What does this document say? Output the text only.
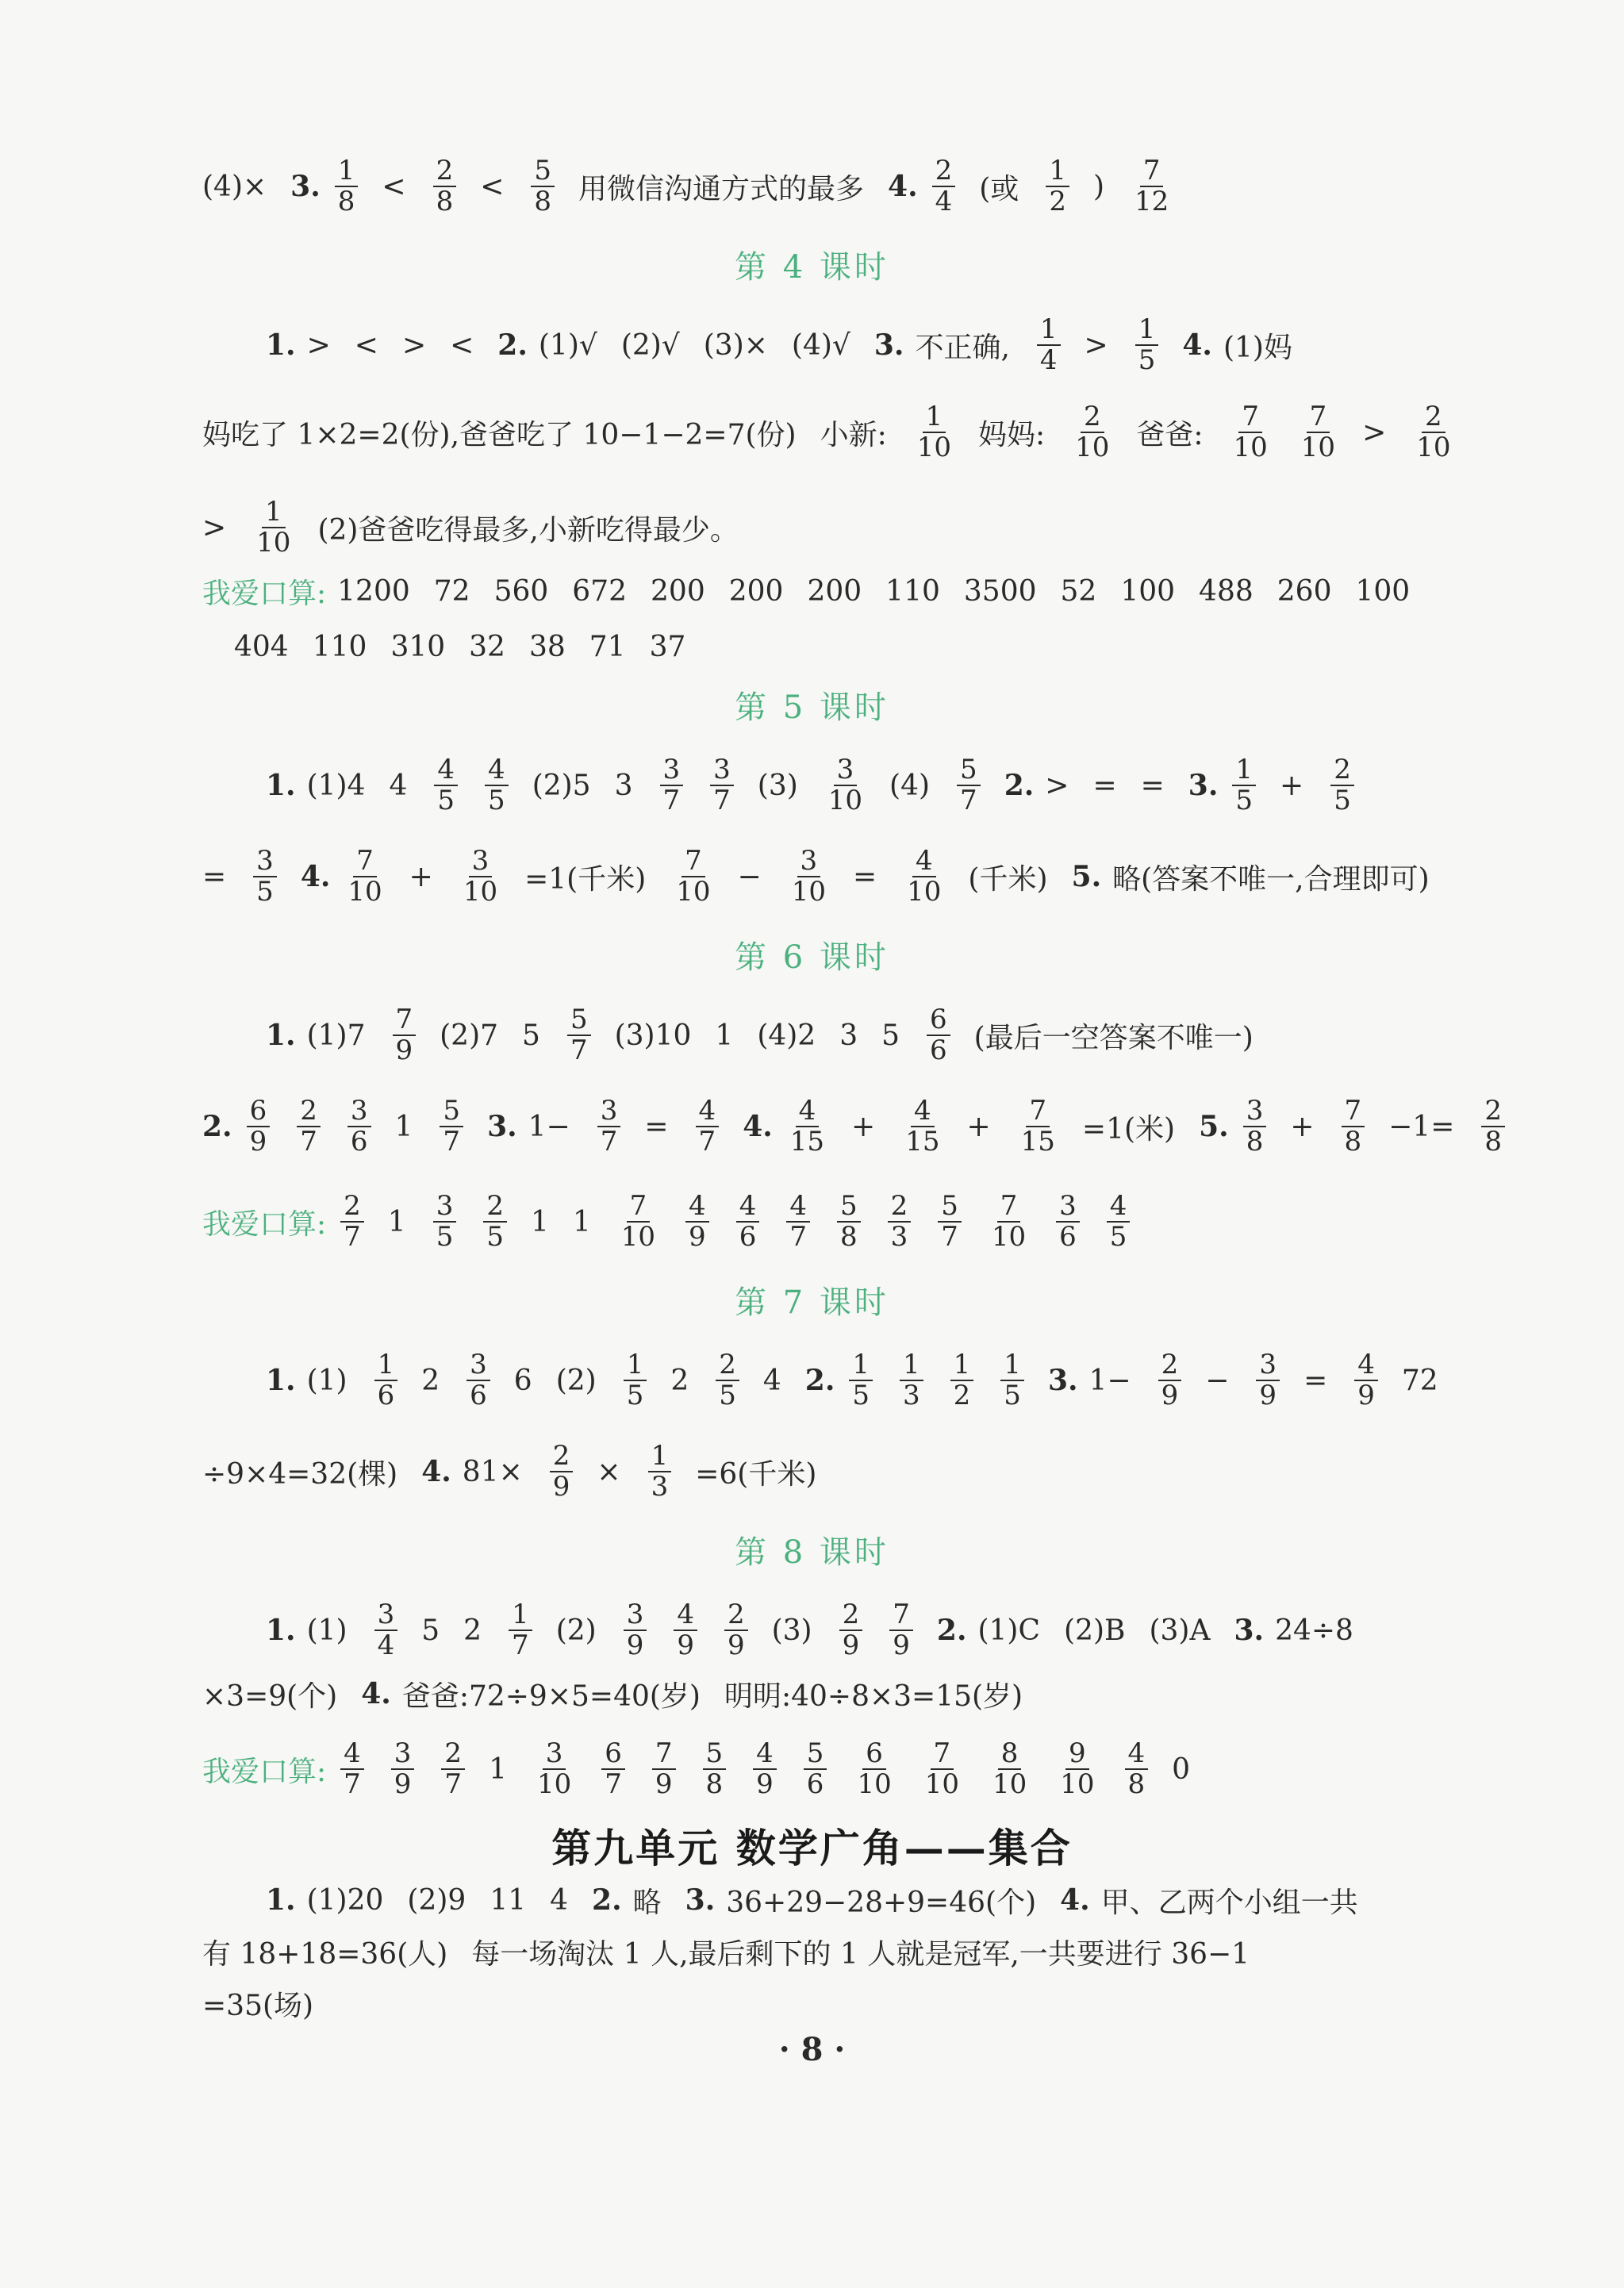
第 4 课时
第 5 课时
第 6 课时
第 7 课时
第 8 课时
第九单元 数学广角——集合
(4)× 3. $\frac{1}{8} < \frac{2}{8} < \frac{5}{8}$ 用微信沟通方式的最多 4. $\frac{2}{4}$ (或 $\frac{1}{2}$ ) $\frac{7}{12}$
1. > < > < 2. (1)√ (2)√ (3)× (4)√ 3. 不正确, $\frac{1}{4} > \frac{1}{5} 4$. (1)妈
妈吃了 1×2=2(份),爸爸吃了 10−1−2=7(份) 小新: $\frac{1}{10}$ 妈妈: $\frac{2}{10}$ 爸爸: $\frac{7}{10} \frac{7}{10} > \frac{2}{10}$
> $\frac{1}{10} (2)$爸爸吃得最多,小新吃得最少。
我爱口算: 1200 72 560 672 200 200 200 110 3500 52 100 488 260 100
404 110 310 32 38 71 37
1. (1)4 $4 \frac{4}{5} \frac{4}{5} (2)5$ $3 \frac{3}{7} \frac{3}{7} (3) \frac{3}{10} (4) \frac{5}{7} 2$. > = = 3. $\frac{1}{5} + \frac{2}{5}$
= $\frac{3}{5} 4$. $\frac{7}{10} + \frac{3}{10} =1$(千米) $\frac{7}{10} - \frac{3}{10} = \frac{4}{10}$ (千米) 5. 略(答案不唯一,合理即可)
1. $(1)7 \frac{7}{9} (2)7$ $5 \frac{5}{7} (3)10$ 1 (4)2 3 $5 \frac{6}{6}$ (最后一空答案不唯一)
2. $\frac{6}{9} \frac{2}{7} \frac{3}{6} 1 \frac{5}{7} 3$. $1- \frac{3}{7} = \frac{4}{7} 4$. $\frac{4}{15} + \frac{4}{15} + \frac{7}{15} =1$(米) 5. $\frac{3}{8} + \frac{7}{8} -1= \frac{2}{8}$
我爱口算: $\frac{2}{7} 1 \frac{3}{5} \frac{2}{5} 1$ $1 \frac{7}{10} \frac{4}{9} \frac{4}{6} \frac{4}{7} \frac{5}{8} \frac{2}{3} \frac{5}{7} \frac{7}{10} \frac{3}{6} \frac{4}{5}$
1. $(1) \frac{1}{6} 2 \frac{3}{6} 6$ $(2) \frac{1}{5} 2 \frac{2}{5} 4$ 2. $\frac{1}{5} \frac{1}{3} \frac{1}{2} \frac{1}{5} 3$. $1- \frac{2}{9} - \frac{3}{9} = \frac{4}{9} 72$
÷9×4=32(棵) 4. $81\times \frac{2}{9} \times \frac{1}{3} =6$(千米)
1. $(1) \frac{3}{4} 5$ $2 \frac{1}{7} (2) \frac{3}{9} \frac{4}{9} \frac{2}{9} (3) \frac{2}{9} \frac{7}{9} 2$. (1)C (2)B (3)A 3. 24÷8
×3=9(个) 4. 爸爸:72÷9×5=40(岁) 明明:40÷8×3=15(岁)
我爱口算: $\frac{4}{7} \frac{3}{9} \frac{2}{7} 1 \frac{3}{10} \frac{6}{7} \frac{7}{9} \frac{5}{8} \frac{4}{9} \frac{5}{6} \frac{6}{10} \frac{7}{10} \frac{8}{10} \frac{9}{10} \frac{4}{8} 0$
1. (1)20 (2)9 11 4 2. 略 3. 36+29−28+9=46(个) 4. 甲、乙两个小组一共
有 18+18=36(人) 每一场淘汰 1 人,最后剩下的 1 人就是冠军,一共要进行 36−1
=35(场)
· 8 ·
